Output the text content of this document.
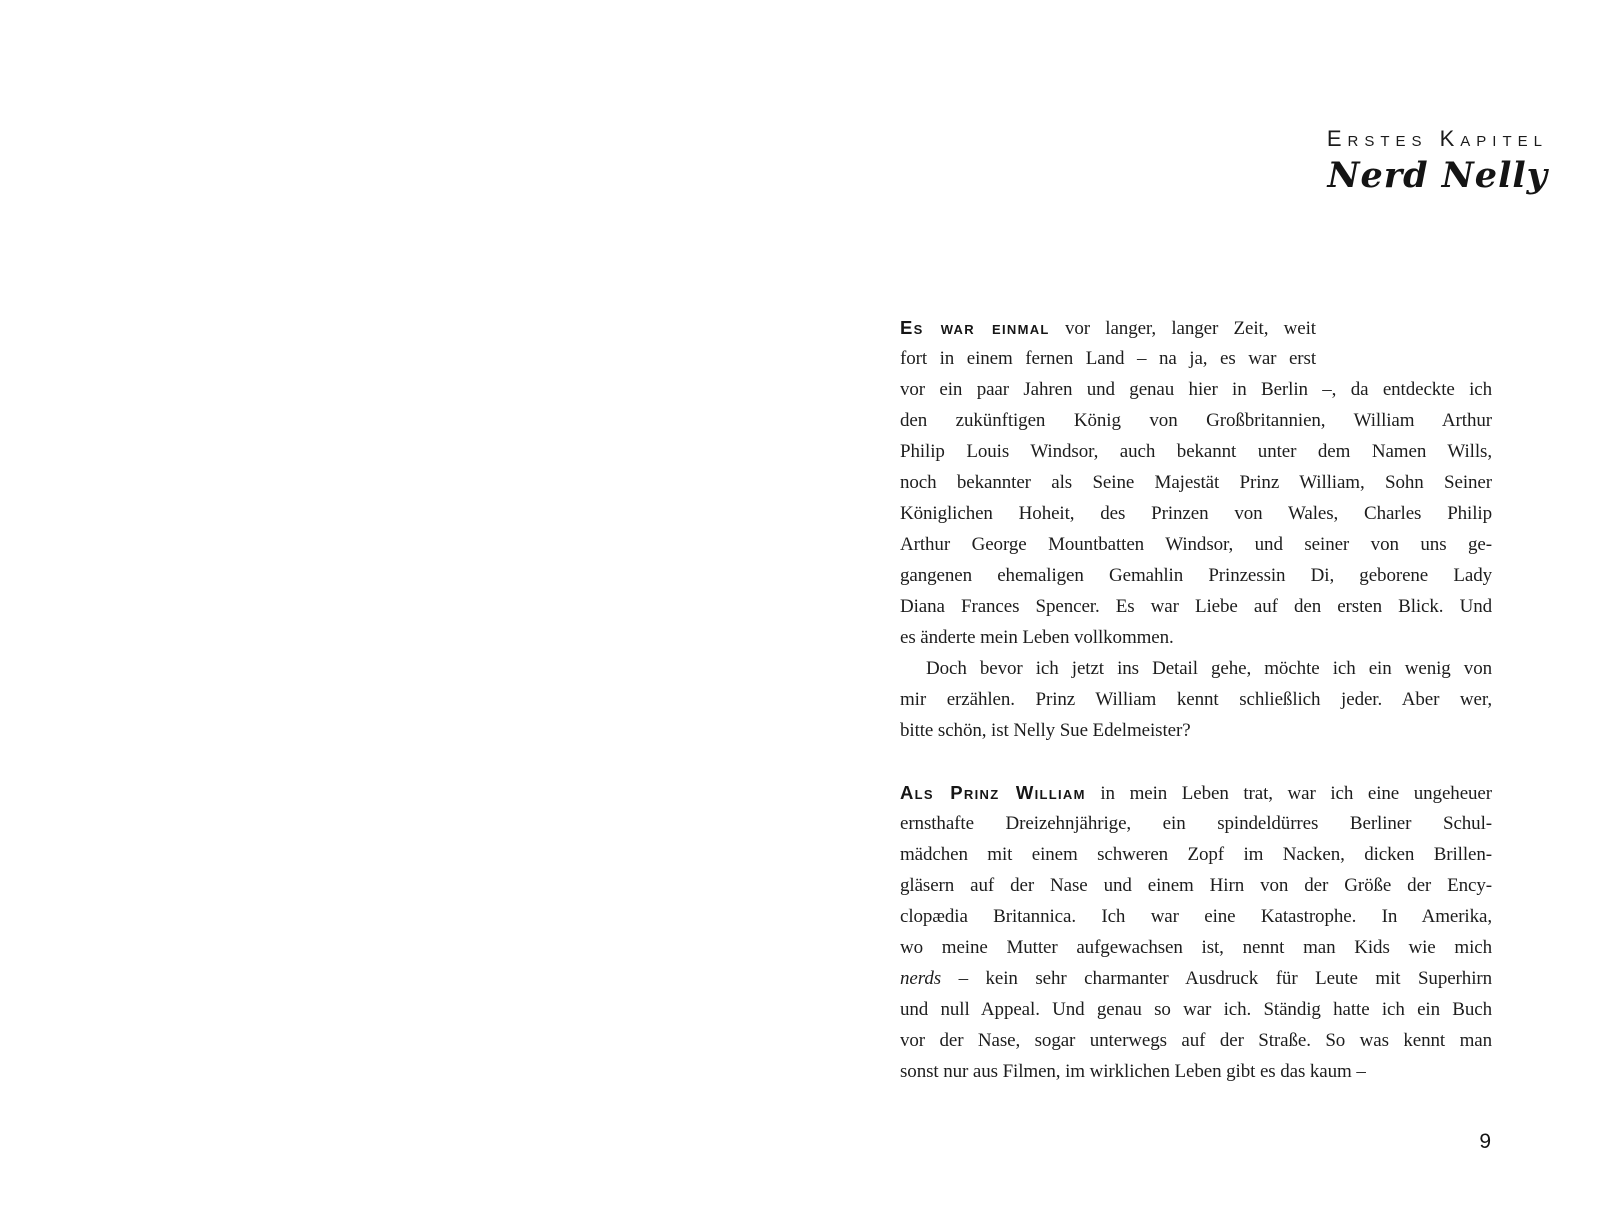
Erstes Kapitel
Nerd Nelly
Es war einmal vor langer, langer Zeit, weit
fort in einem fernen Land – na ja, es war erst
vor ein paar Jahren und genau hier in Berlin –, da entdeckte ich
den zukünftigen König von Großbritannien, William Arthur
Philip Louis Windsor, auch bekannt unter dem Namen Wills,
noch bekannter als Seine Majestät Prinz William, Sohn Seiner
Königlichen Hoheit, des Prinzen von Wales, Charles Philip
Arthur George Mountbatten Windsor, und seiner von uns ge-
gangenen ehemaligen Gemahlin Prinzessin Di, geborene Lady
Diana Frances Spencer. Es war Liebe auf den ersten Blick. Und
es änderte mein Leben vollkommen.
Doch bevor ich jetzt ins Detail gehe, möchte ich ein wenig von
mir erzählen. Prinz William kennt schließlich jeder. Aber wer,
bitte schön, ist Nelly Sue Edelmeister?
Als Prinz William in mein Leben trat, war ich eine ungeheuer
ernsthafte Dreizehnjährige, ein spindeldürres Berliner Schul-
mädchen mit einem schweren Zopf im Nacken, dicken Brillen-
gläsern auf der Nase und einem Hirn von der Größe der Ency-
clopædia Britannica. Ich war eine Katastrophe. In Amerika,
wo meine Mutter aufgewachsen ist, nennt man Kids wie mich
nerds – kein sehr charmanter Ausdruck für Leute mit Superhirn
und null Appeal. Und genau so war ich. Ständig hatte ich ein Buch
vor der Nase, sogar unterwegs auf der Straße. So was kennt man
sonst nur aus Filmen, im wirklichen Leben gibt es das kaum –
9
